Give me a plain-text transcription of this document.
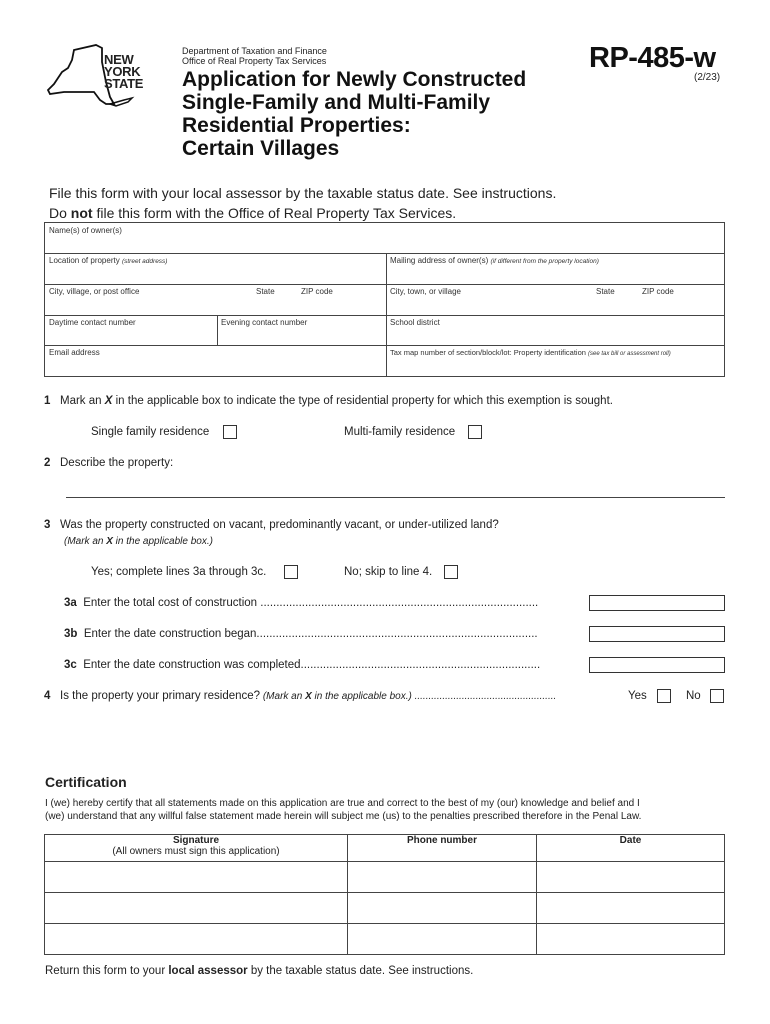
NEW
YORK
STATE
Department of Taxation and Finance
Office of Real Property Tax Services
Application for Newly Constructed
Single-Family and Multi-Family
Residential Properties:
Certain Villages
RP-485-w
(2/23)
File this form with your local assessor by the taxable status date. See instructions.
Do not file this form with the Office of Real Property Tax Services.
Name(s) of owner(s)
Location of property (street address)	Mailing address of owner(s) (if different from the property location)
City, village, or post office	State	ZIP code	City, town, or village	State	ZIP code
Daytime contact number	Evening contact number	School district
Email address	Tax map number of section/block/lot: Property identification (see tax bill or assessment roll)
1 Mark an X in the applicable box to indicate the type of residential property for which this exemption is sought.
Single family residence	Multi-family residence
2 Describe the property:
3 Was the property constructed on vacant, predominantly vacant, or under-utilized land?
(Mark an X in the applicable box.)
Yes; complete lines 3a through 3c.	No; skip to line 4.
3a Enter the total cost of construction .......................................................................................
3b Enter the date construction began........................................................................................
3c Enter the date construction was completed...........................................................................
4 Is the property your primary residence? (Mark an X in the applicable box.) ...................................................	Yes	No
Certification
I (we) hereby certify that all statements made on this application are true and correct to the best of my (our) knowledge and belief and I
(we) understand that any willful false statement made herein will subject me (us) to the penalties prescribed therefore in the Penal Law.
Signature
(All owners must sign this application)	Phone number	Date

Return this form to your local assessor by the taxable status date. See instructions.
